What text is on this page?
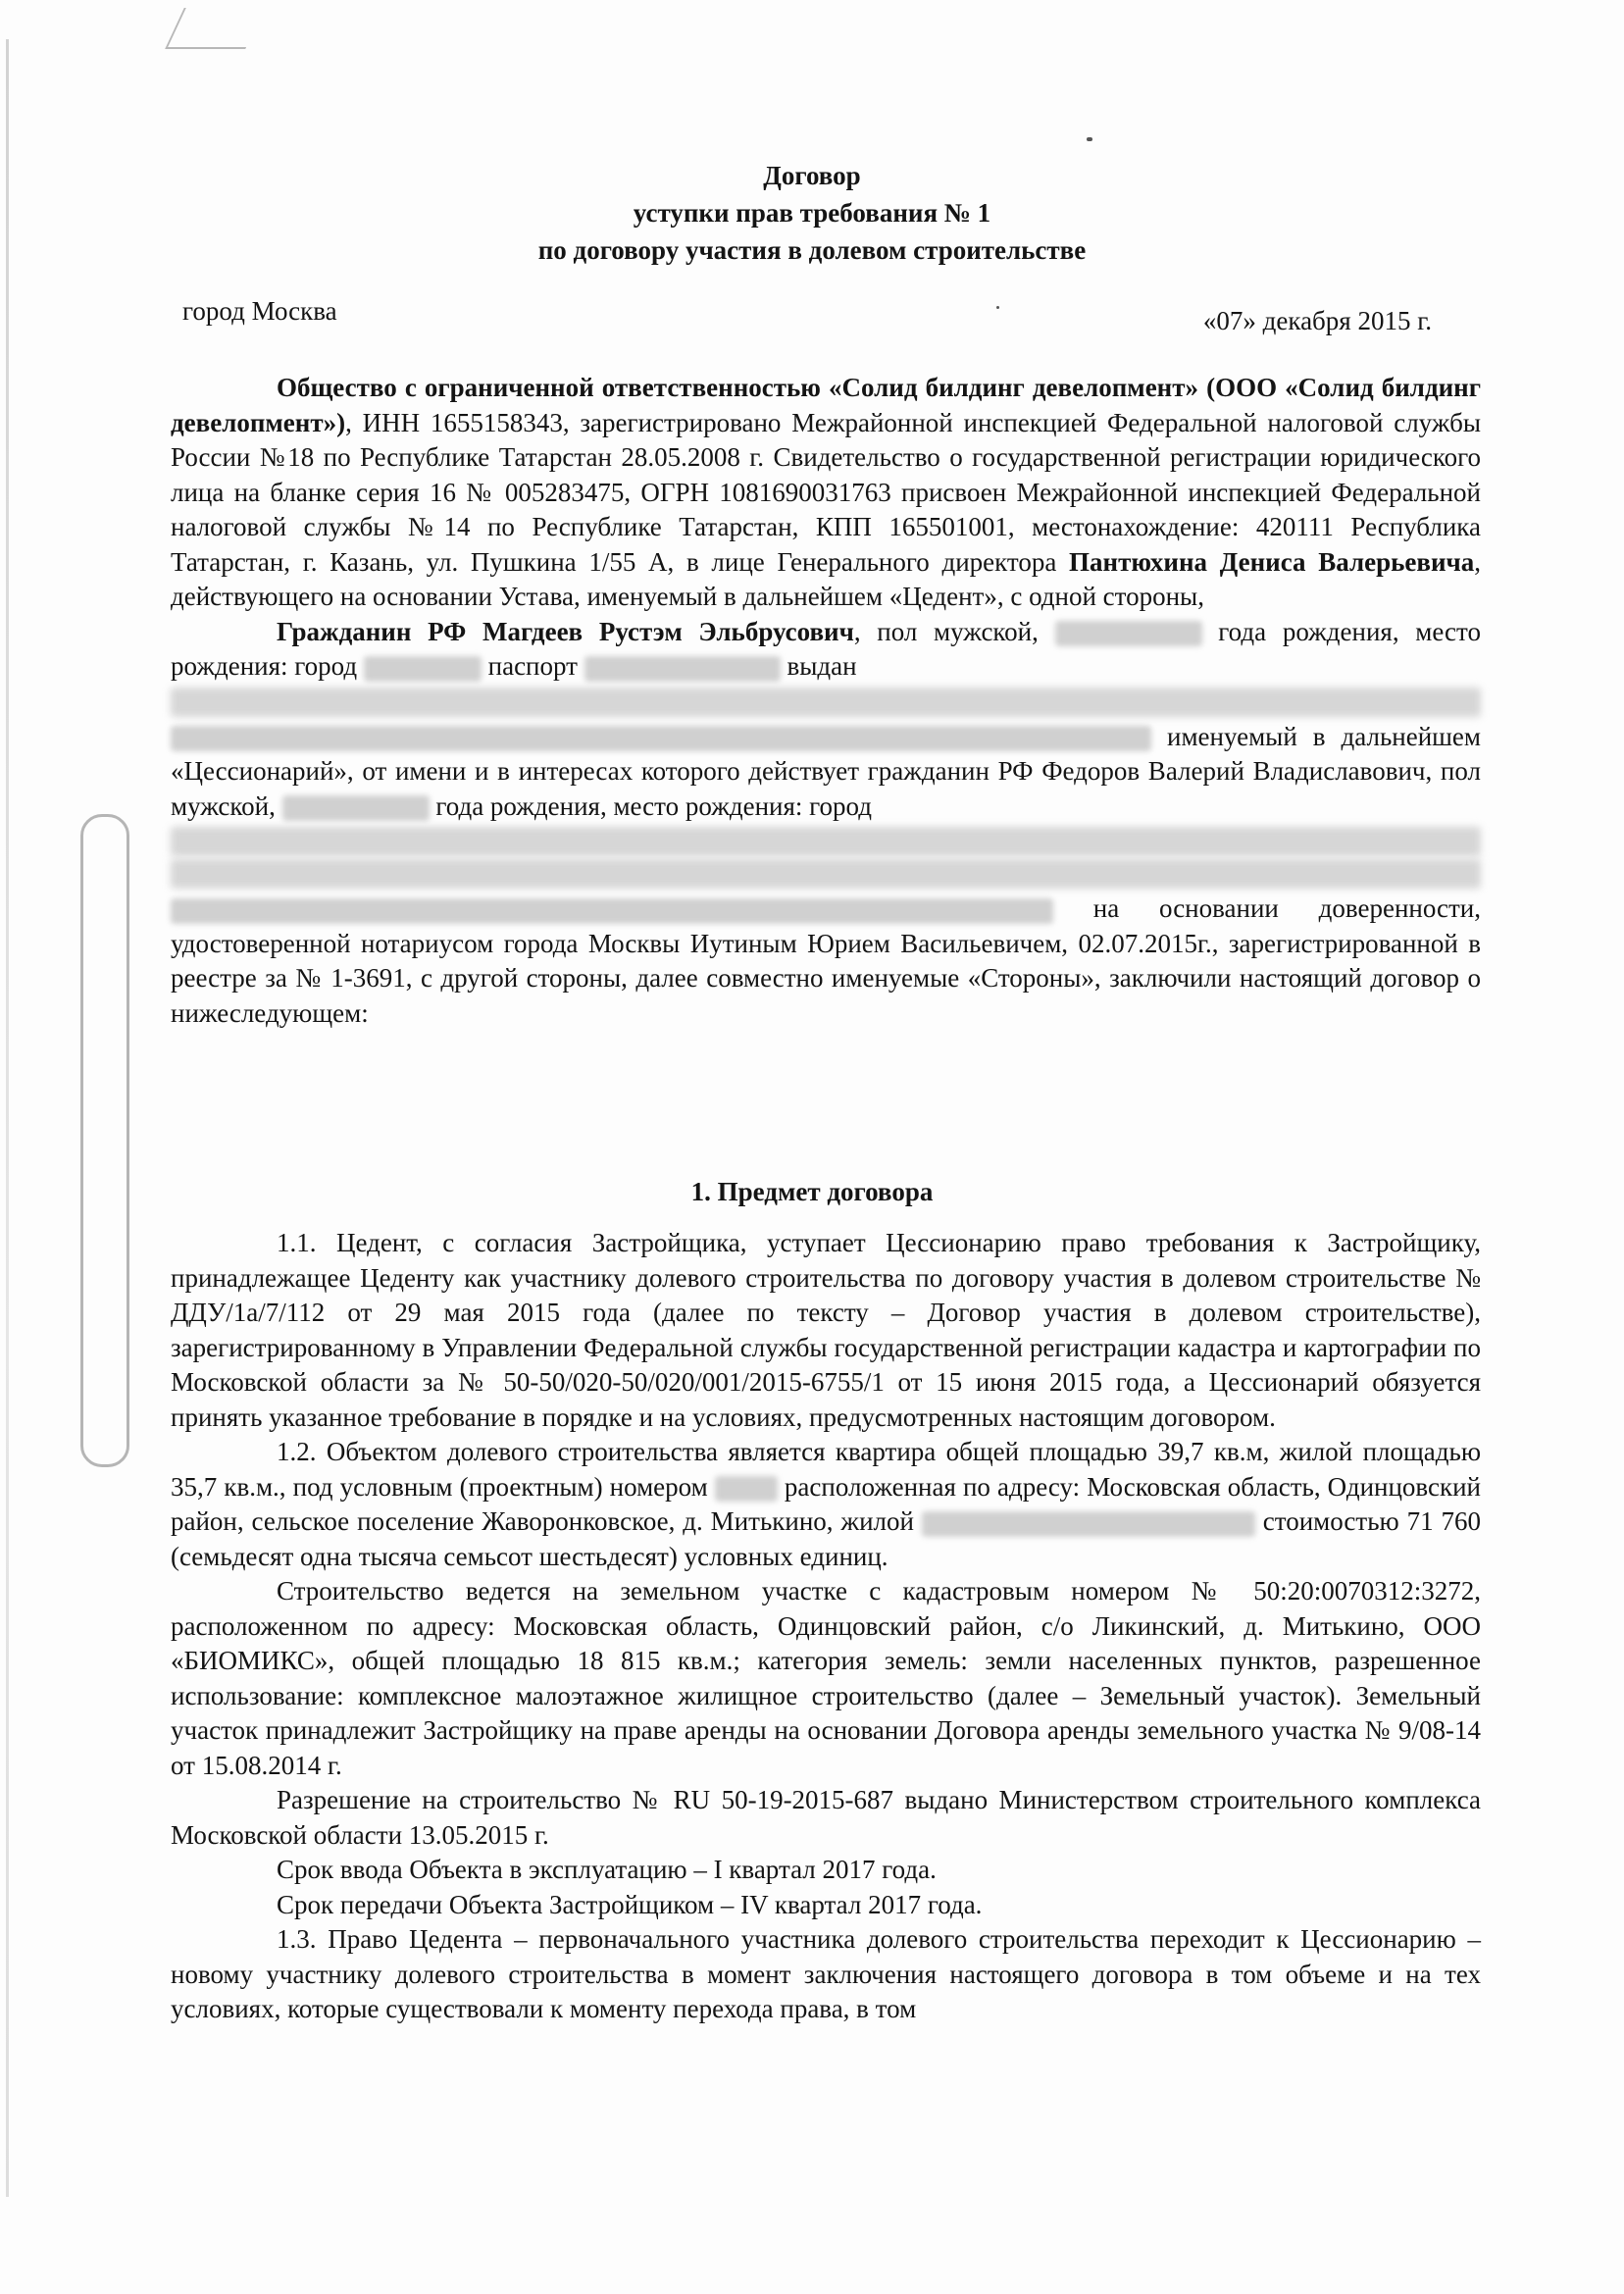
Договор
уступки прав требования № 1
по договору участия в долевом строительстве
город Москва	«07» декабря 2015 г.

Общество с ограниченной ответственностью «Солид билдинг девелопмент» (ООО «Солид билдинг девелопмент»), ИНН 1655158343, зарегистрировано Межрайонной инспекцией Федеральной налоговой службы России №18 по Республике Татарстан 28.05.2008 г. Свидетельство о государственной регистрации юридического лица на бланке серия 16 № 005283475, ОГРН 1081690031763 присвоен Межрайонной инспекцией Федеральной налоговой службы №14 по Республике Татарстан, КПП 165501001, местонахождение: 420111 Республика Татарстан, г. Казань, ул. Пушкина 1/55 А, в лице Генерального директора Пантюхина Дениса Валерьевича, действующего на основании Устава, именуемый в дальнейшем «Цедент», с одной стороны,

Гражданин РФ Магдеев Рустэм Эльбрусович, пол мужской,	года рождения, место рождения: город	паспорт	выдан
именуемый в дальнейшем «Цессионарий», от имени и в интересах которого действует гражданин РФ Федоров Валерий Владиславович, пол мужской,	года рождения, место рождения: город
на основании доверенности, удостоверенной нотариусом города Москвы Иутиным Юрием Васильевичем, 02.07.2015г., зарегистрированной в реестре за № 1-3691, с другой стороны, далее совместно именуемые «Стороны», заключили настоящий договор о нижеследующем:

1. Предмет договора

1.1. Цедент, с согласия Застройщика, уступает Цессионарию право требования к Застройщику, принадлежащее Цеденту как участнику долевого строительства по договору участия в долевом строительстве № ДДУ/1а/7/112 от 29 мая 2015 года (далее по тексту – Договор участия в долевом строительстве), зарегистрированному в Управлении Федеральной службы государственной регистрации кадастра и картографии по Московской области за № 50-50/020-50/020/001/2015-6755/1 от 15 июня 2015 года, а Цессионарий обязуется принять указанное требование в порядке и на условиях, предусмотренных настоящим договором.

1.2. Объектом долевого строительства является квартира общей площадью 39,7 кв.м, жилой площадью 35,7 кв.м., под условным (проектным) номером	расположенная по адресу: Московская область, Одинцовский район, сельское поселение Жаворонковское, д. Митькино, жилой	стоимостью 71 760 (семьдесят одна тысяча семьсот шестьдесят) условных единиц.

Строительство ведется на земельном участке с кадастровым номером № 50:20:0070312:3272, расположенном по адресу: Московская область, Одинцовский район, с/о Ликинский, д. Митькино, ООО «БИОМИКС», общей площадью 18 815 кв.м.; категория земель: земли населенных пунктов, разрешенное использование: комплексное малоэтажное жилищное строительство (далее – Земельный участок). Земельный участок принадлежит Застройщику на праве аренды на основании Договора аренды земельного участка № 9/08-14 от 15.08.2014 г.

Разрешение на строительство № RU 50-19-2015-687 выдано Министерством строительного комплекса Московской области 13.05.2015 г.

Срок ввода Объекта в эксплуатацию – I квартал 2017 года.

Срок передачи Объекта Застройщиком – IV квартал 2017 года.

1.3. Право Цедента – первоначального участника долевого строительства переходит к Цессионарию – новому участнику долевого строительства в момент заключения настоящего договора в том объеме и на тех условиях, которые существовали к моменту перехода права, в том
